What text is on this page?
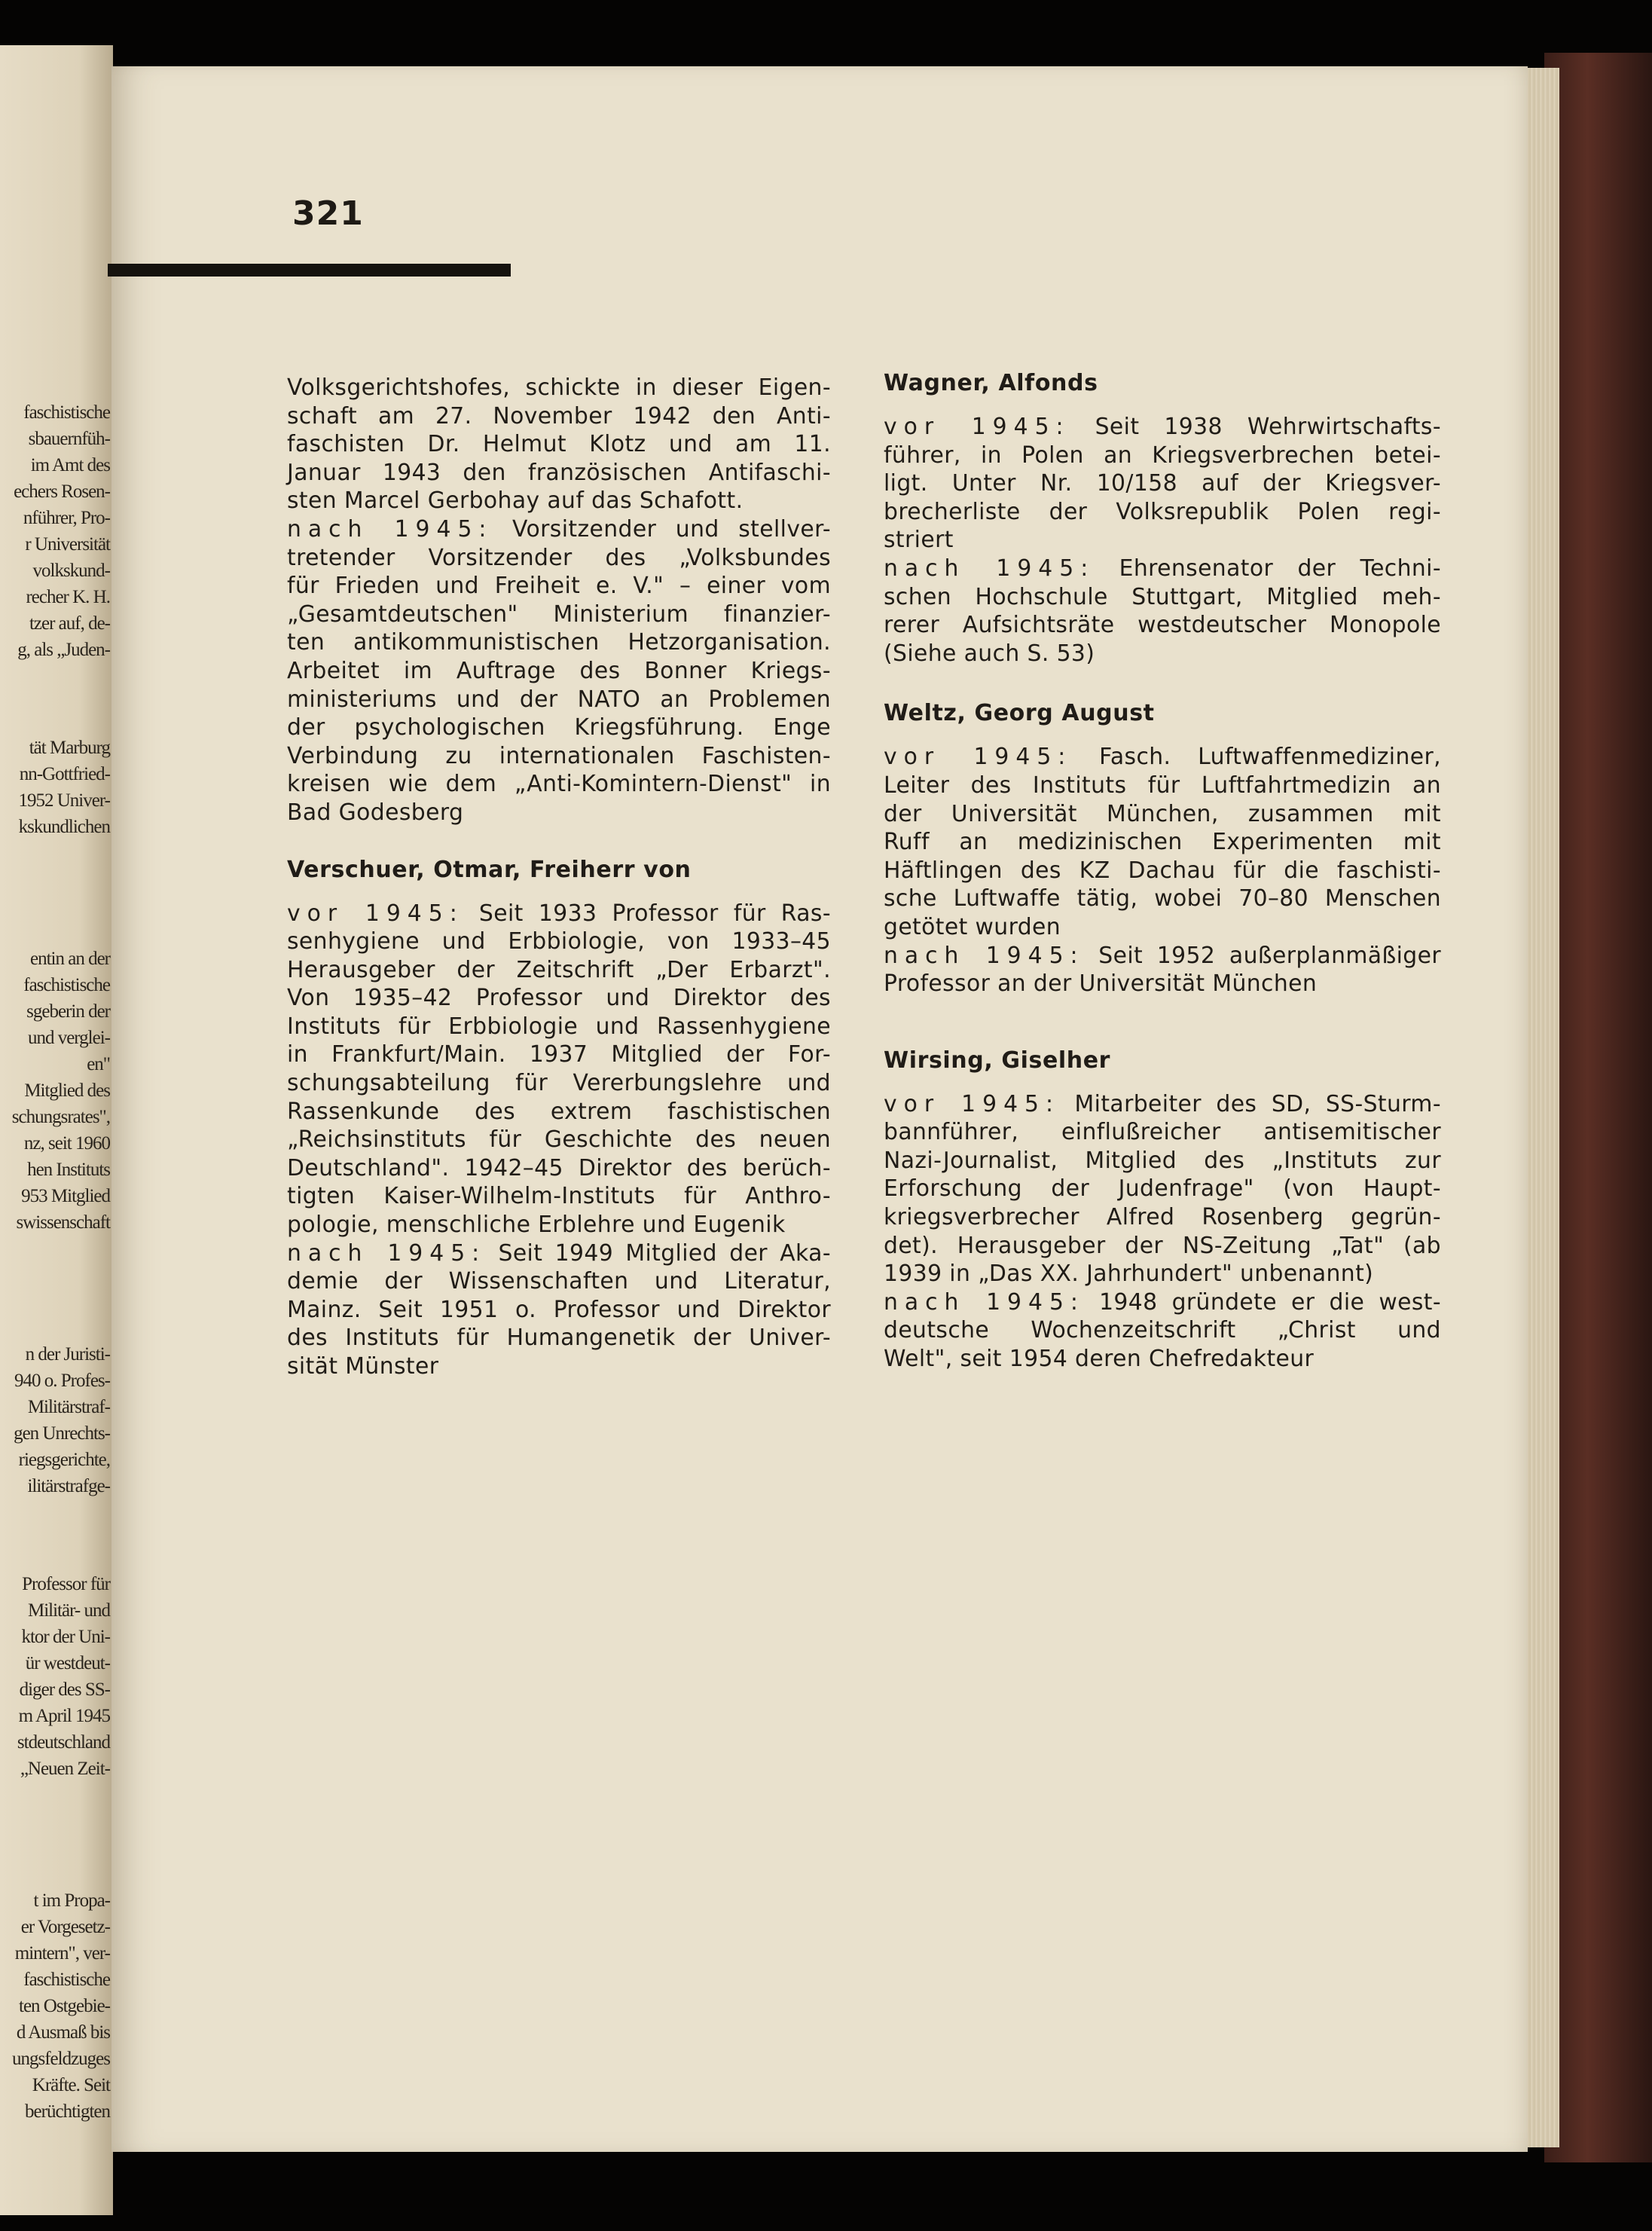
faschistische
sbauernfüh-
im Amt des
echers Rosen-
nführer, Pro-
r Universität
volkskund-
recher K. H.
tzer auf, de-
g, als „Juden-
tät Marburg
nn-Gottfried-
1952 Univer-
kskundlichen
entin an der
faschistische
sgeberin der
und verglei-
en"
Mitglied des
schungsrates",
nz, seit 1960
hen Instituts
953 Mitglied
swissenschaft
n der Juristi-
940 o. Profes-
Militärstraf-
gen Unrechts-
riegsgerichte,
ilitärstrafge-
Professor für
Militär- und
ktor der Uni-
ür westdeut-
diger des SS-
m April 1945
stdeutschland
„Neuen Zeit-
t im Propa-
er Vorgesetz-
mintern", ver-
faschistische
ten Ostgebie-
d Ausmaß bis
ungsfeldzuges
Kräfte. Seit
berüchtigten
321
Volksgerichtshofes, schickte in dieser Eigen-
schaft am 27. November 1942 den Anti-
faschisten Dr. Helmut Klotz und am 11.
Januar 1943 den französischen Antifaschi-
sten Marcel Gerbohay auf das Schafott.
nach 1945: Vorsitzender und stellver-
tretender Vorsitzender des „Volksbundes
für Frieden und Freiheit e. V." – einer vom
„Gesamtdeutschen" Ministerium finanzier-
ten antikommunistischen Hetzorganisation.
Arbeitet im Auftrage des Bonner Kriegs-
ministeriums und der NATO an Problemen
der psychologischen Kriegsführung. Enge
Verbindung zu internationalen Faschisten-
kreisen wie dem „Anti-Komintern-Dienst" in
Bad Godesberg
Verschuer, Otmar, Freiherr von
vor 1945: Seit 1933 Professor für Ras-
senhygiene und Erbbiologie, von 1933–45
Herausgeber der Zeitschrift „Der Erbarzt".
Von 1935–42 Professor und Direktor des
Instituts für Erbbiologie und Rassenhygiene
in Frankfurt/Main. 1937 Mitglied der For-
schungsabteilung für Vererbungslehre und
Rassenkunde des extrem faschistischen
„Reichsinstituts für Geschichte des neuen
Deutschland". 1942–45 Direktor des berüch-
tigten Kaiser-Wilhelm-Instituts für Anthro-
pologie, menschliche Erblehre und Eugenik
nach 1945: Seit 1949 Mitglied der Aka-
demie der Wissenschaften und Literatur,
Mainz. Seit 1951 o. Professor und Direktor
des Instituts für Humangenetik der Univer-
sität Münster
Wagner, Alfonds
vor 1945: Seit 1938 Wehrwirtschafts-
führer, in Polen an Kriegsverbrechen betei-
ligt. Unter Nr. 10/158 auf der Kriegsver-
brecherliste der Volksrepublik Polen regi-
striert
nach 1945: Ehrensenator der Techni-
schen Hochschule Stuttgart, Mitglied meh-
rerer Aufsichtsräte westdeutscher Monopole
(Siehe auch S. 53)
Weltz, Georg August
vor 1945: Fasch. Luftwaffenmediziner,
Leiter des Instituts für Luftfahrtmedizin an
der Universität München, zusammen mit
Ruff an medizinischen Experimenten mit
Häftlingen des KZ Dachau für die faschisti-
sche Luftwaffe tätig, wobei 70–80 Menschen
getötet wurden
nach 1945: Seit 1952 außerplanmäßiger
Professor an der Universität München
Wirsing, Giselher
vor 1945: Mitarbeiter des SD, SS-Sturm-
bannführer, einflußreicher antisemitischer
Nazi-Journalist, Mitglied des „Instituts zur
Erforschung der Judenfrage" (von Haupt-
kriegsverbrecher Alfred Rosenberg gegrün-
det). Herausgeber der NS-Zeitung „Tat" (ab
1939 in „Das XX. Jahrhundert" unbenannt)
nach 1945: 1948 gründete er die west-
deutsche Wochenzeitschrift „Christ und
Welt", seit 1954 deren Chefredakteur
